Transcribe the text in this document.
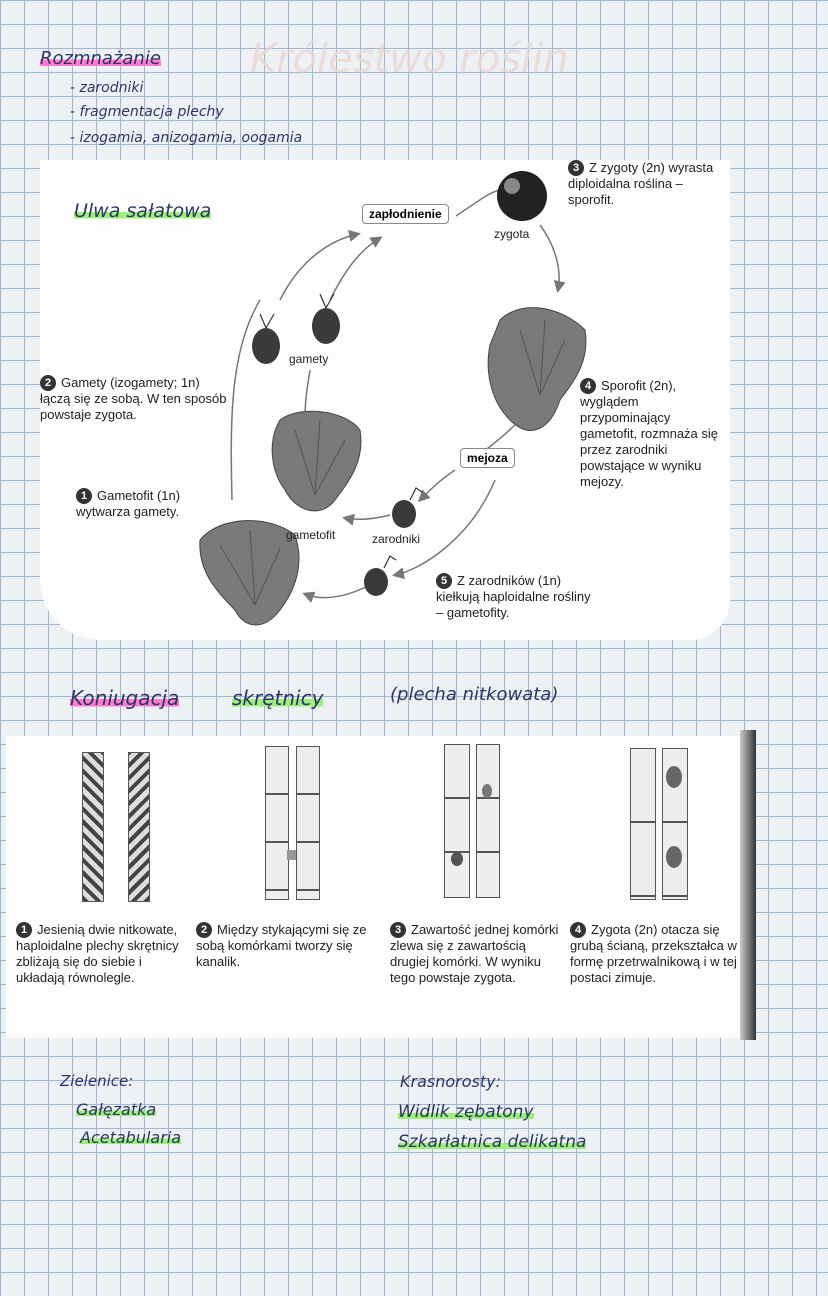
Królestwo roślin
Rozmnażanie
- zarodniki
- fragmentacja plechy
- izogamia, anizogamia, oogamia
Ulwa sałatowa	zapłodnienie
zygota
gamety
mejoza
gametofit	zarodniki
3 Z zygoty (2n) wyrasta diploidalna roślina – sporofit.
2 Gamety (izogamety; 1n) łączą się ze sobą. W ten sposób powstaje zygota.
4 Sporofit (2n), wyglądem przypominający gametofit, rozmnaża się przez zarodniki powstające w wyniku mejozy.
1 Gametofit (1n) wytwarza gamety.
5 Z zarodników (1n) kiełkują haploidalne rośliny – gametofity.
Koniugacja	skrętnicy	(plecha nitkowata)
1 Jesienią dwie nitkowate, haploidalne plechy skrętnicy zbliżają się do siebie i układają równolegle.
2 Między stykającymi się ze sobą komórkami tworzy się kanalik.
3 Zawartość jednej komórki zlewa się z zawartością drugiej komórki. W wyniku tego powstaje zygota.
4 Zygota (2n) otacza się grubą ścianą, przekształca w formę przetrwalnikową i w tej postaci zimuje.
Zielenice:
Gałęzatka
Acetabularia
Krasnorosty:
Widlik zębatony
Szkarłatnica delikatna
